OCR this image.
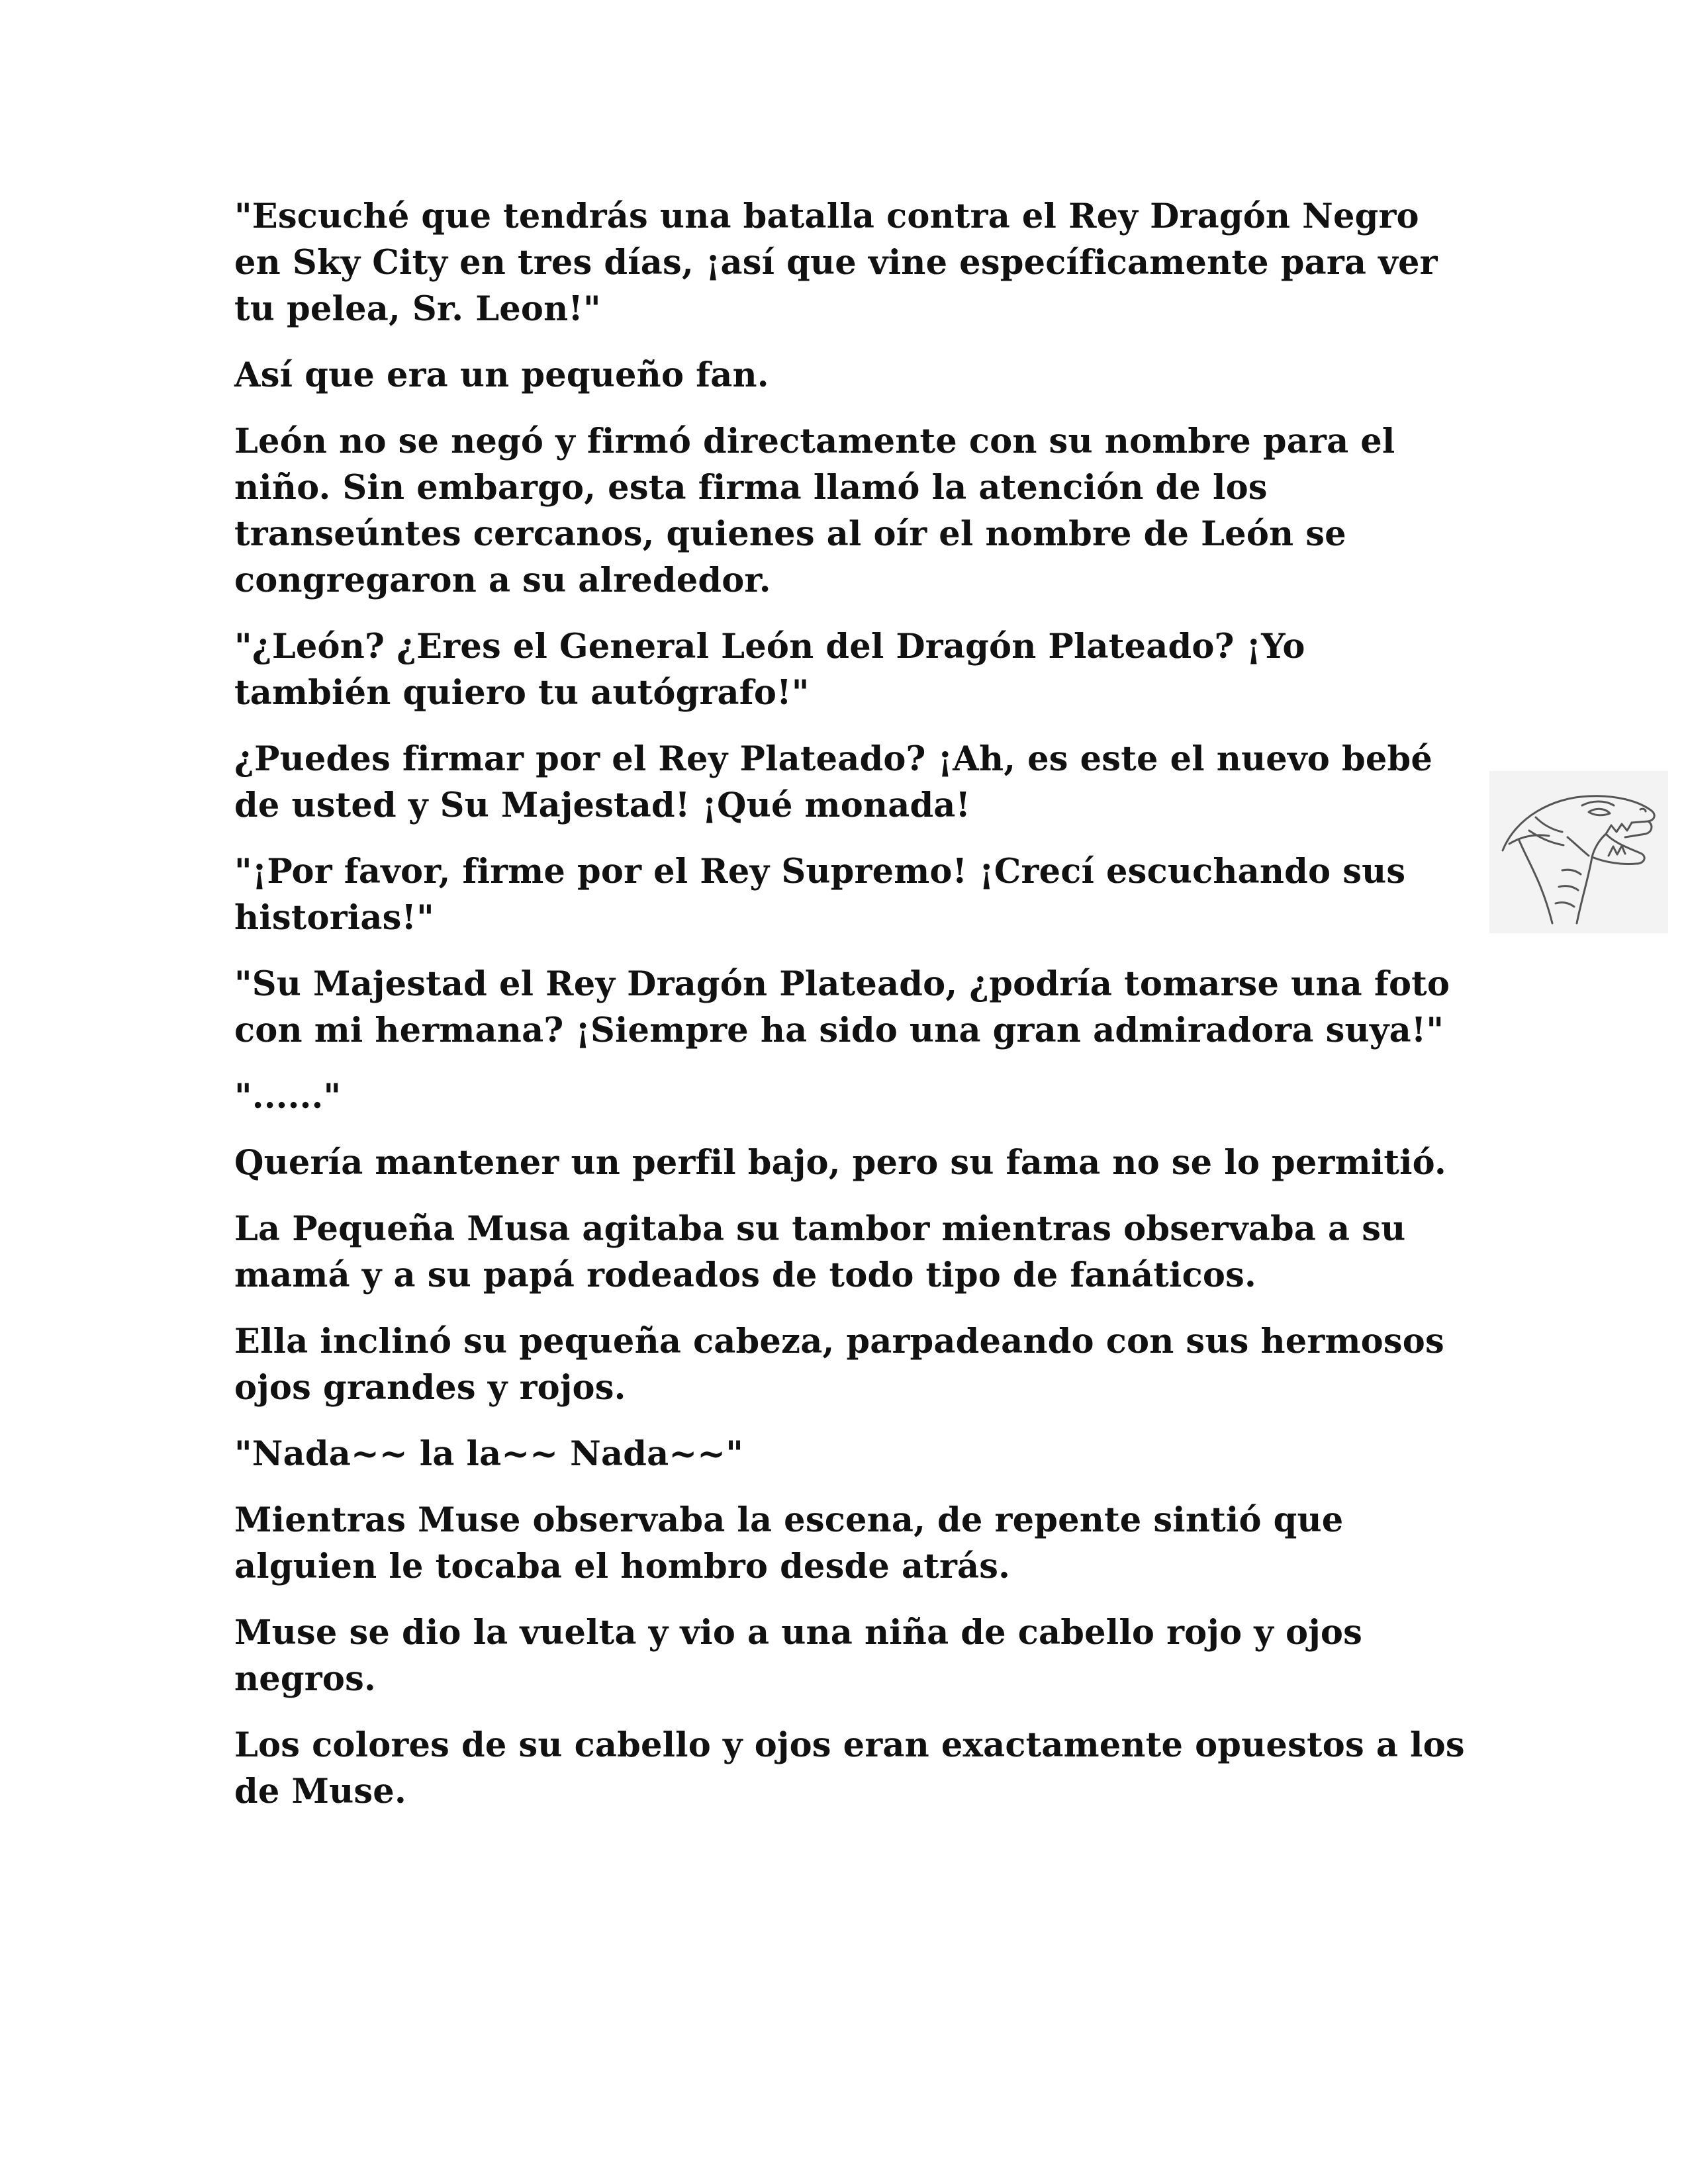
"Escuché que tendrás una batalla contra el Rey Dragón Negro en Sky City en tres días, ¡así que vine específicamente para ver tu pelea, Sr. Leon!"

Así que era un pequeño fan.

León no se negó y firmó directamente con su nombre para el niño. Sin embargo, esta firma llamó la atención de los transeúntes cercanos, quienes al oír el nombre de León se congregaron a su alrededor.

"¿León? ¿Eres el General León del Dragón Plateado? ¡Yo también quiero tu autógrafo!"

¿Puedes firmar por el Rey Plateado? ¡Ah, es este el nuevo bebé de usted y Su Majestad! ¡Qué monada!

"¡Por favor, firme por el Rey Supremo! ¡Crecí escuchando sus historias!"

"Su Majestad el Rey Dragón Plateado, ¿podría tomarse una foto con mi hermana? ¡Siempre ha sido una gran admiradora suya!"

"......"

Quería mantener un perfil bajo, pero su fama no se lo permitió.

La Pequeña Musa agitaba su tambor mientras observaba a su mamá y a su papá rodeados de todo tipo de fanáticos.

Ella inclinó su pequeña cabeza, parpadeando con sus hermosos ojos grandes y rojos.

"Nada~~ la la~~ Nada~~"

Mientras Muse observaba la escena, de repente sintió que alguien le tocaba el hombro desde atrás.

Muse se dio la vuelta y vio a una niña de cabello rojo y ojos negros.

Los colores de su cabello y ojos eran exactamente opuestos a los de Muse.
